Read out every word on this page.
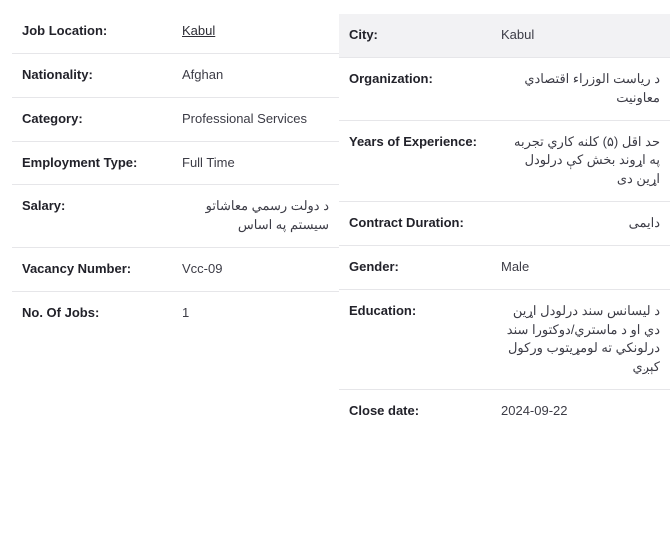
Job Location:	Kabul
Nationality:	Afghan
Category:	Professional Services
Employment Type:	Full Time
Salary:	د دولت رسمي معاشاتو سیستم په اساس
Vacancy Number:	Vcc-09
No. Of Jobs:	1
City:	Kabul
Organization:	د ریاست الوزراء اقتصادي معاونیت
Years of Experience:	حد اقل (۵) کلنه کاري تجربه په اړوند بخش کې درلودل اړین دی
Contract Duration:	دایمی
Gender:	Male
Education:	د لیسانس سند درلودل اړین دي او د ماستري/دوکتورا سند درلونکي ته لومړیتوب ورکول کېږي
Close date:	2024-09-22
